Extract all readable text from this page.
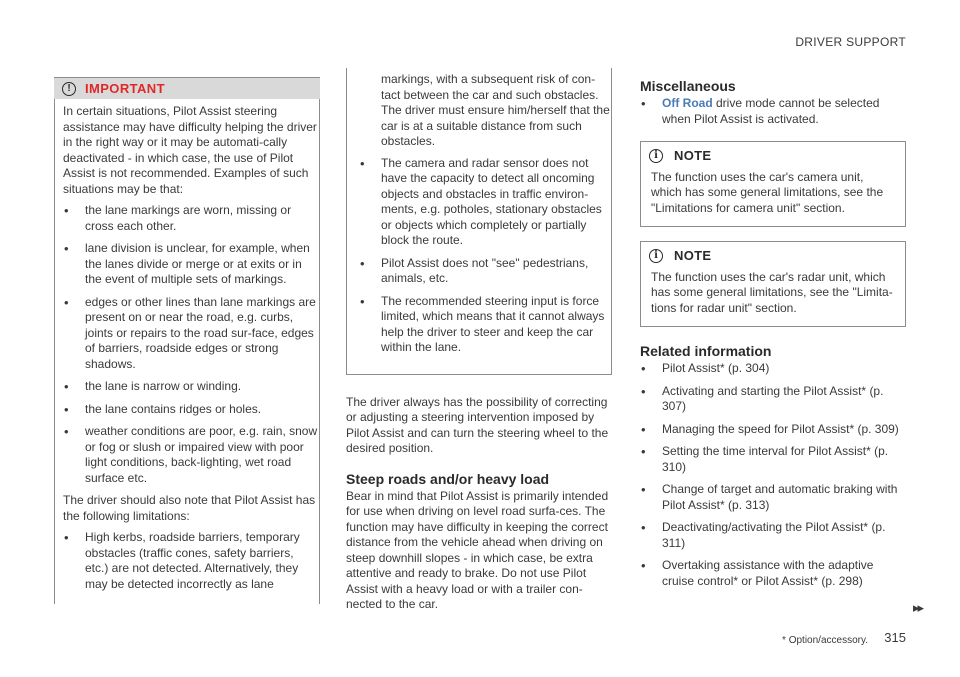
DRIVER SUPPORT
!	IMPORTANT

In certain situations, Pilot Assist steering assistance may have difficulty helping the driver in the right way or it may be automati-cally deactivated - in which case, the use of Pilot Assist is not recommended. Examples of such situations may be that:

• the lane markings are worn, missing or cross each other.
• lane division is unclear, for example, when the lanes divide or merge or at exits or in the event of multiple sets of markings.
• edges or other lines than lane markings are present on or near the road, e.g. curbs, joints or repairs to the road sur-face, edges of barriers, roadside edges or strong shadows.
• the lane is narrow or winding.
• the lane contains ridges or holes.
• weather conditions are poor, e.g. rain, snow or fog or slush or impaired view with poor light conditions, back-lighting, wet road surface etc.

The driver should also note that Pilot Assist has the following limitations:

• High kerbs, roadside barriers, temporary obstacles (traffic cones, safety barriers, etc.) are not detected. Alternatively, they may be detected incorrectly as lane

markings, with a subsequent risk of con-tact between the car and such obstacles. The driver must ensure him/herself that the car is at a suitable distance from such obstacles.

• The camera and radar sensor does not have the capacity to detect all oncoming objects and obstacles in traffic environ-ments, e.g. potholes, stationary obstacles or objects which completely or partially block the route.
• Pilot Assist does not "see" pedestrians, animals, etc.
• The recommended steering input is force limited, which means that it cannot always help the driver to steer and keep the car within the lane.

The driver always has the possibility of correcting or adjusting a steering intervention imposed by Pilot Assist and can turn the steering wheel to the desired position.

Steep roads and/or heavy load

Bear in mind that Pilot Assist is primarily intended for use when driving on level road surfa-ces. The function may have difficulty in keeping the correct distance from the vehicle ahead when driving on steep downhill slopes - in which case, be extra attentive and ready to brake. Do not use Pilot Assist with a heavy load or with a trailer con-nected to the car.

Miscellaneous
• Off Road drive mode cannot be selected when Pilot Assist is activated.
i	NOTE
The function uses the car's camera unit, which has some general limitations, see the "Limitations for camera unit" section.
i	NOTE
The function uses the car's radar unit, which has some general limitations, see the "Limita-tions for radar unit" section.
Related information
• Pilot Assist* (p. 304)
• Activating and starting the Pilot Assist* (p. 307)
• Managing the speed for Pilot Assist* (p. 309)
• Setting the time interval for Pilot Assist* (p. 310)
• Change of target and automatic braking with Pilot Assist* (p. 313)
• Deactivating/activating the Pilot Assist* (p. 311)
• Overtaking assistance with the adaptive cruise control* or Pilot Assist* (p. 298)
▸▸
* Option/accessory. 315
